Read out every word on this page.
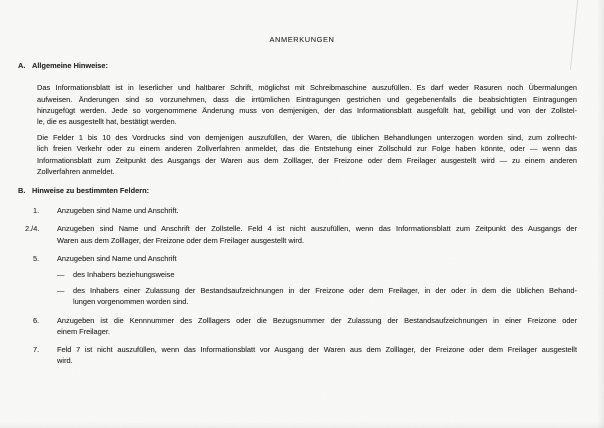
ANMERKUNGEN
A. Allgemeine Hinweise:
Das Informationsblatt ist in leserlicher und haltbarer Schrift, möglichst mit Schreibmaschine auszufüllen. Es darf weder Rasuren noch Übermalungen
aufweisen. Änderungen sind so vorzunehmen, dass die irrtümlichen Eintragungen gestrichen und gegebenenfalls die beabsichtigten Eintragungen
hinzugefügt werden. Jede so vorgenommene Änderung muss von demjenigen, der das Informationsblatt ausgefüllt hat, gebilligt und von der Zollstel-
le, die es ausgestellt hat, bestätigt werden.
Die Felder 1 bis 10 des Vordrucks sind von demjenigen auszufüllen, der Waren, die üblichen Behandlungen unterzogen worden sind, zum zollrecht-
lich freien Verkehr oder zu einem anderen Zollverfahren anmeldet, das die Entstehung einer Zollschuld zur Folge haben könnte, oder — wenn das
Informationsblatt zum Zeitpunkt des Ausgangs der Waren aus dem Zolllager, der Freizone oder dem Freilager ausgestellt wird — zu einem anderen
Zollverfahren anmeldet.
B. Hinweise zu bestimmten Feldern:
1.	Anzugeben sind Name und Anschrift.
2./4.	Anzugeben sind Name und Anschrift der Zollstelle. Feld 4 ist nicht auszufüllen, wenn das Informationsblatt zum Zeitpunkt des Ausgangs der
Waren aus dem Zolllager, der Freizone oder dem Freilager ausgestellt wird.
5.	Anzugeben sind Name und Anschrift
—	des Inhabers beziehungsweise
—	des Inhabers einer Zulassung der Bestandsaufzeichnungen in der Freizone oder dem Freilager, in der oder in dem die üblichen Behand-
lungen vorgenommen worden sind.
6.	Anzugeben ist die Kennnummer des Zolllagers oder die Bezugsnummer der Zulassung der Bestandsaufzeichnungen in einer Freizone oder
einem Freilager.
7.	Feld 7 ist nicht auszufüllen, wenn das Informationsblatt vor Ausgang der Waren aus dem Zolllager, der Freizone oder dem Freilager ausgestellt
wird.
